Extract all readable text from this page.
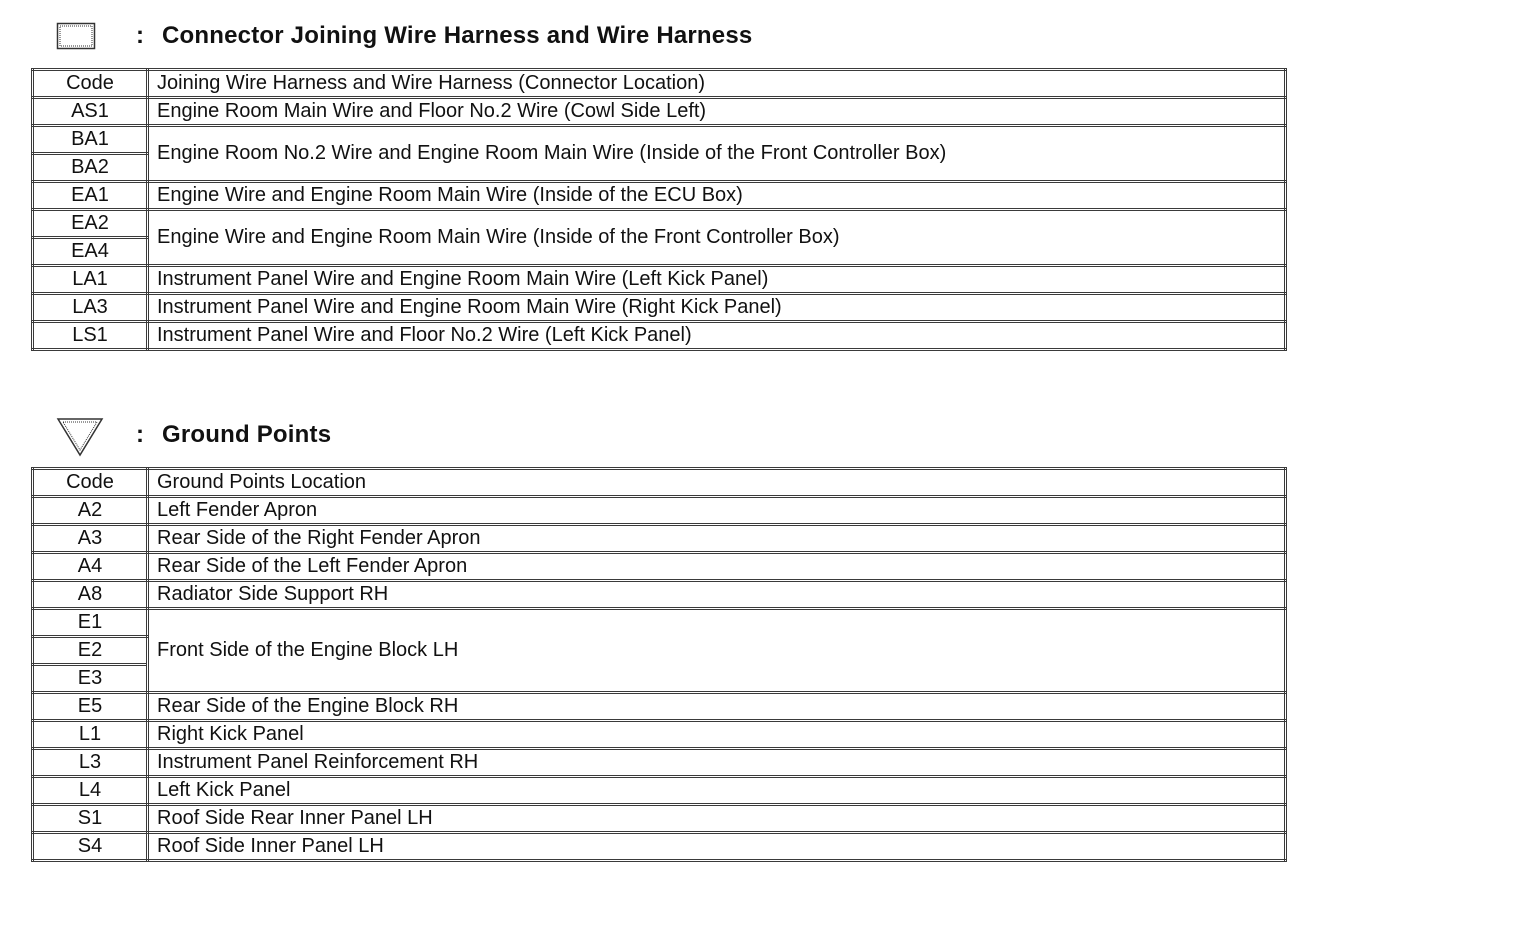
: Connector Joining Wire Harness and Wire Harness
Code	Joining Wire Harness and Wire Harness (Connector Location)
AS1	Engine Room Main Wire and Floor No.2 Wire (Cowl Side Left)
BA1	Engine Room No.2 Wire and Engine Room Main Wire (Inside of the Front Controller Box)
BA2	
EA1	Engine Wire and Engine Room Main Wire (Inside of the ECU Box)
EA2	Engine Wire and Engine Room Main Wire (Inside of the Front Controller Box)
EA4	
LA1	Instrument Panel Wire and Engine Room Main Wire (Left Kick Panel)
LA3	Instrument Panel Wire and Engine Room Main Wire (Right Kick Panel)
LS1	Instrument Panel Wire and Floor No.2 Wire (Left Kick Panel)
: Ground Points
Code	Ground Points Location
A2	Left Fender Apron
A3	Rear Side of the Right Fender Apron
A4	Rear Side of the Left Fender Apron
A8	Radiator Side Support RH
E1	Front Side of the Engine Block LH
E2	
E3	
E5	Rear Side of the Engine Block RH
L1	Right Kick Panel
L3	Instrument Panel Reinforcement RH
L4	Left Kick Panel
S1	Roof Side Rear Inner Panel LH
S4	Roof Side Inner Panel LH
